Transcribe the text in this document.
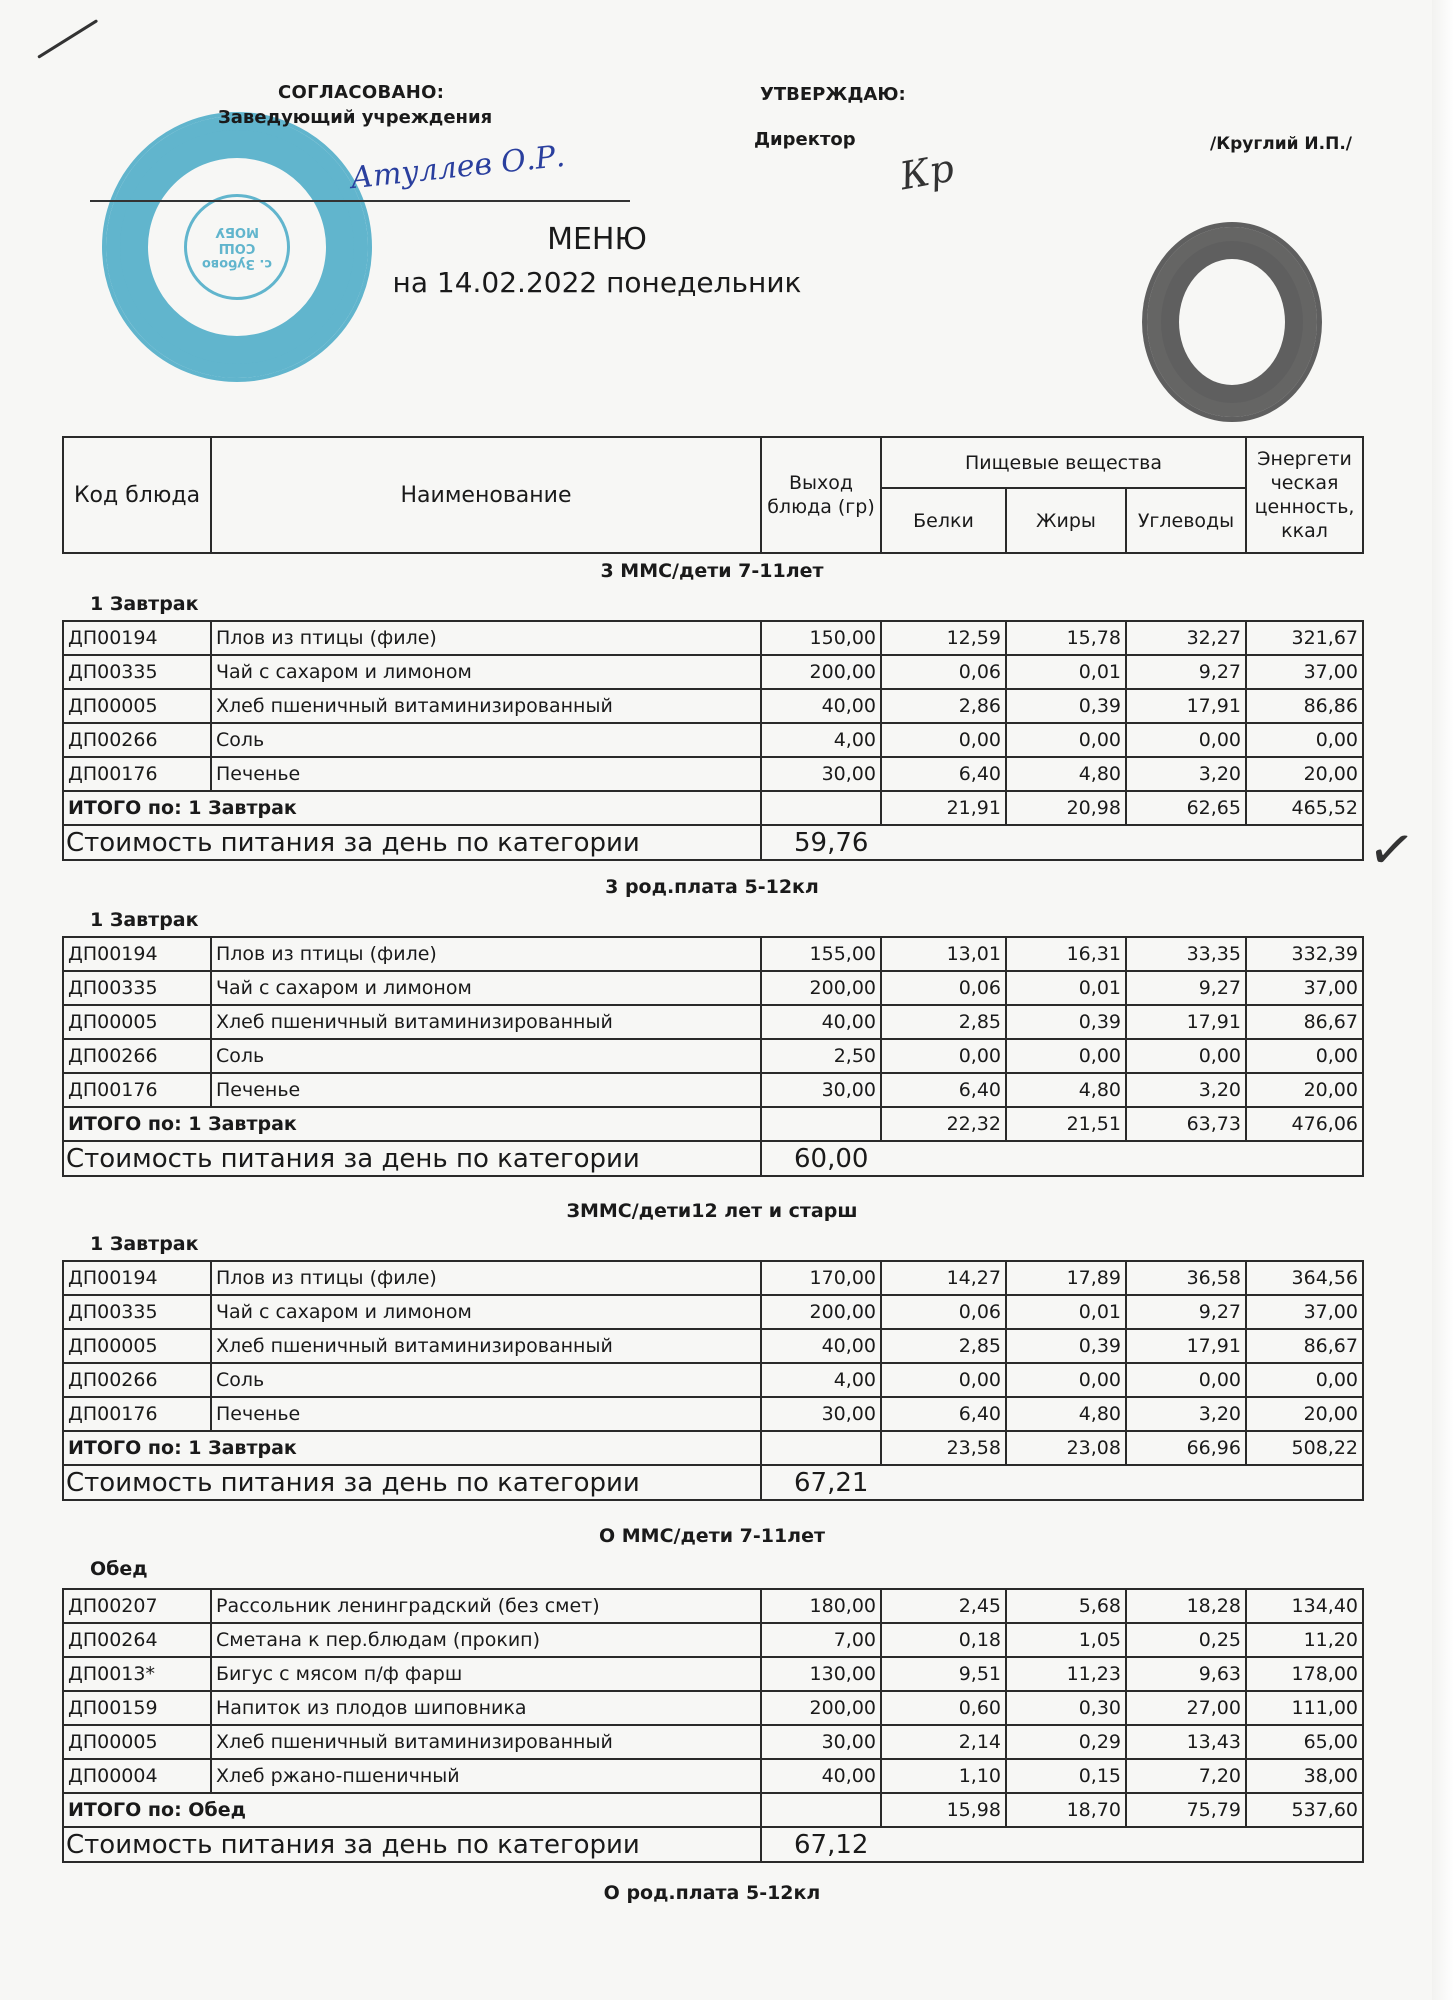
с. Зубово
СОШ
МОБУ
СОГЛАСОВАНО:
Заведующий учреждения
Атуллев О.Р.
УТВЕРЖДАЮ:
Директор	/Круглий И.П./
Кр
МЕНЮ
на 14.02.2022 понедельник
Код блюда	Наименование	Выход блюда (гр)	Пищевые вещества			Энергети ческая ценность, ккал
			Белки	Жиры	Углеводы	
3 ММС/дети 7-11лет
1 Завтрак
ДП00194	Плов из птицы (филе)	150,00	12,59	15,78	32,27	321,67
ДП00335	Чай с сахаром и лимоном	200,00	0,06	0,01	9,27	37,00
ДП00005	Хлеб пшеничный витаминизированный	40,00	2,86	0,39	17,91	86,86
ДП00266	Соль	4,00	0,00	0,00	0,00	0,00
ДП00176	Печенье	30,00	6,40	4,80	3,20	20,00
ИТОГО по: 1 Завтрак			21,91	20,98	62,65	465,52
Стоимость питания за день по категории		59,76					✓
3 род.плата 5-12кл
1 Завтрак
ДП00194	Плов из птицы (филе)	155,00	13,01	16,31	33,35	332,39
ДП00335	Чай с сахаром и лимоном	200,00	0,06	0,01	9,27	37,00
ДП00005	Хлеб пшеничный витаминизированный	40,00	2,85	0,39	17,91	86,67
ДП00266	Соль	2,50	0,00	0,00	0,00	0,00
ДП00176	Печенье	30,00	6,40	4,80	3,20	20,00
ИТОГО по: 1 Завтрак			22,32	21,51	63,73	476,06
Стоимость питания за день по категории		60,00				
ЗММС/дети12 лет и старш
1 Завтрак
ДП00194	Плов из птицы (филе)	170,00	14,27	17,89	36,58	364,56
ДП00335	Чай с сахаром и лимоном	200,00	0,06	0,01	9,27	37,00
ДП00005	Хлеб пшеничный витаминизированный	40,00	2,85	0,39	17,91	86,67
ДП00266	Соль	4,00	0,00	0,00	0,00	0,00
ДП00176	Печенье	30,00	6,40	4,80	3,20	20,00
ИТОГО по: 1 Завтрак			23,58	23,08	66,96	508,22
Стоимость питания за день по категории		67,21				
О ММС/дети 7-11лет
Обед
ДП00207	Рассольник ленинградский (без смет)	180,00	2,45	5,68	18,28	134,40
ДП00264	Сметана к пер.блюдам (прокип)	7,00	0,18	1,05	0,25	11,20
ДП0013*	Бигус с мясом п/ф фарш	130,00	9,51	11,23	9,63	178,00
ДП00159	Напиток из плодов шиповника	200,00	0,60	0,30	27,00	111,00
ДП00005	Хлеб пшеничный витаминизированный	30,00	2,14	0,29	13,43	65,00
ДП00004	Хлеб ржано-пшеничный	40,00	1,10	0,15	7,20	38,00
ИТОГО по: Обед			15,98	18,70	75,79	537,60
Стоимость питания за день по категории		67,12				
О род.плата 5-12кл
